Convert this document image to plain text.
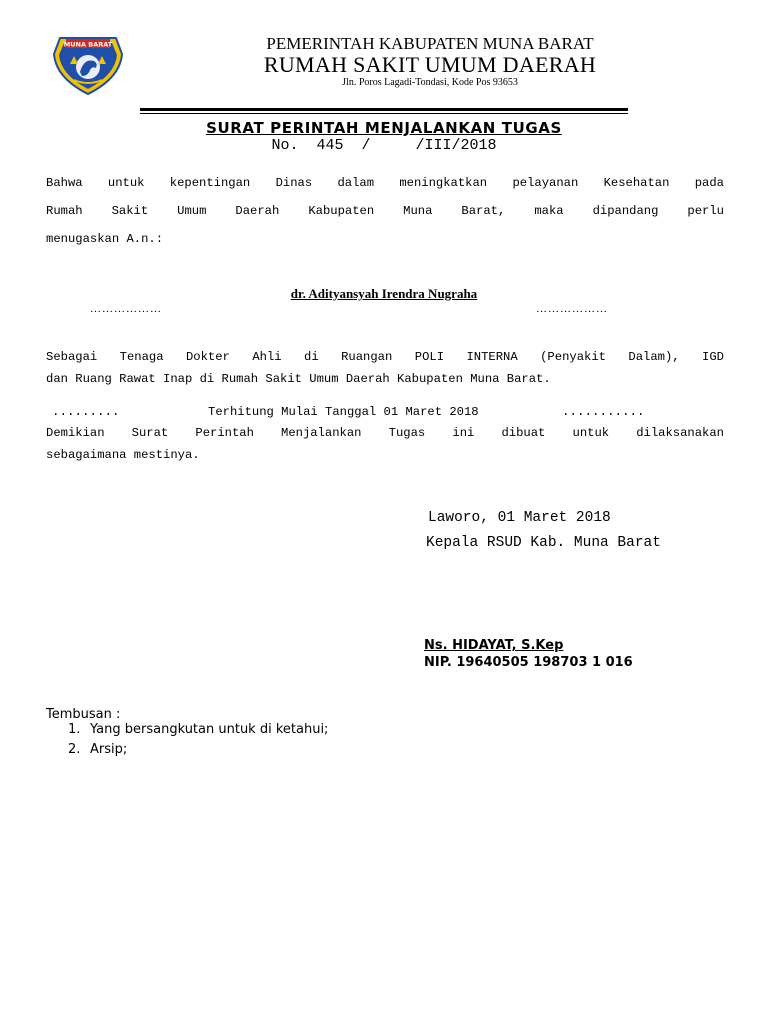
MUNA BARAT	PEMERINTAH KABUPATEN MUNA BARAT
RUMAH SAKIT UMUM DAERAH
Jln. Poros Lagadi-Tondasi, Kode Pos 93653
SURAT PERINTAH MENJALANKAN TUGAS
No.  445  /     /III/2018
Bahwa untuk kepentingan Dinas dalam meningkatkan pelayanan Kesehatan pada
Rumah Sakit Umum Daerah Kabupaten Muna Barat, maka dipandang perlu
menugaskan A.n.:
dr. Adityansyah Irendra Nugraha
………………	………………
Sebagai Tenaga Dokter Ahli di Ruangan POLI INTERNA (Penyakit Dalam), IGD
dan Ruang Rawat Inap di Rumah Sakit Umum Daerah Kabupaten Muna Barat.
.........	Terhitung Mulai Tanggal 01 Maret 2018	...........
Demikian Surat Perintah Menjalankan Tugas ini dibuat untuk dilaksanakan
sebagaimana mestinya.
Laworo, 01 Maret 2018
Kepala RSUD Kab. Muna Barat
Ns. HIDAYAT, S.Kep
NIP. 19640505 198703 1 016
Tembusan :
1. Yang bersangkutan untuk di ketahui;
2. Arsip;
